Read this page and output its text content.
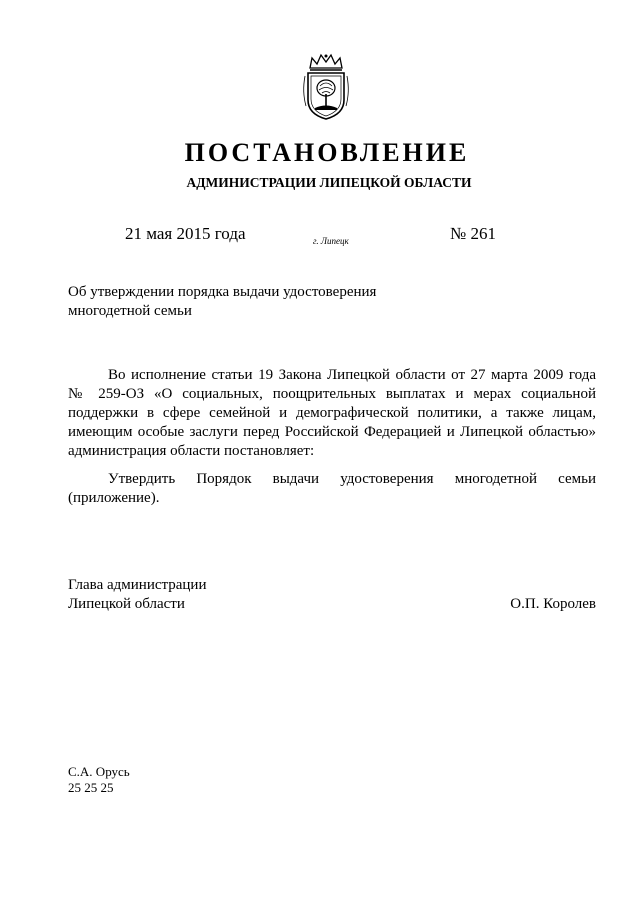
ПОСТАНОВЛЕНИЕ
АДМИНИСТРАЦИИ ЛИПЕЦКОЙ ОБЛАСТИ
21 мая 2015 года	г. Липецк	№ 261
Об утверждении порядка выдачи удостоверения
многодетной семьи
Во исполнение статьи 19 Закона Липецкой области от 27 марта 2009 года
№ 259-ОЗ «О социальных, поощрительных выплатах и мерах социальной
поддержки в сфере семейной и демографической политики, а также лицам,
имеющим особые заслуги перед Российской Федерацией и Липецкой областью»
администрация области постановляет:
Утвердить Порядок выдачи удостоверения многодетной семьи
(приложение).
Глава администрации
Липецкой области	О.П. Королев
С.А. Орусь
25 25 25
